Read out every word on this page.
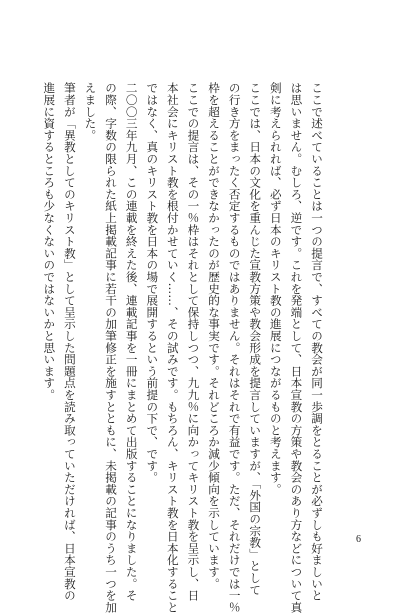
ここで述べていることは一つの提言で、すべての教会が同一歩調をとることが必ずしも好ましいと
は思いません。むしろ、逆です。これを発端として、日本宣教の方策や教会のあり方などについて真
剣に考えられれば、必ず日本のキリスト教の進展につながるものと考えます。
ここでは、日本の文化を重んじた宣教方策や教会形成を提言していますが、「外国の宗教」として
の行き方をまったく否定するものではありません。それはそれで有益です。ただ、それだけでは一％
枠を超えることができなかったのが歴史的な事実です。それどころか減少傾向を示しています。
ここでの提言は、その一％枠はそれとして保持しつつ、九九％に向かってキリスト教を呈示し、日
本社会にキリスト教を根付かせていく……、その試みです。もちろん、キリスト教を日本化すること
ではなく、真のキリスト教を日本の場で展開するという前提の下で、です。
二〇〇三年九月、この連載を終えた後、連載記事を一冊にまとめて出版することになりました。そ
の際、字数の限られた紙上掲載記事に若干の加筆修正を施すとともに、未掲載の記事のうち一つを加
えました。
筆者が「異教としてのキリスト教」として呈示した問題点を読み取っていただければ、日本宣教の
進展に資するところも少なくないのではないかと思います。
6
